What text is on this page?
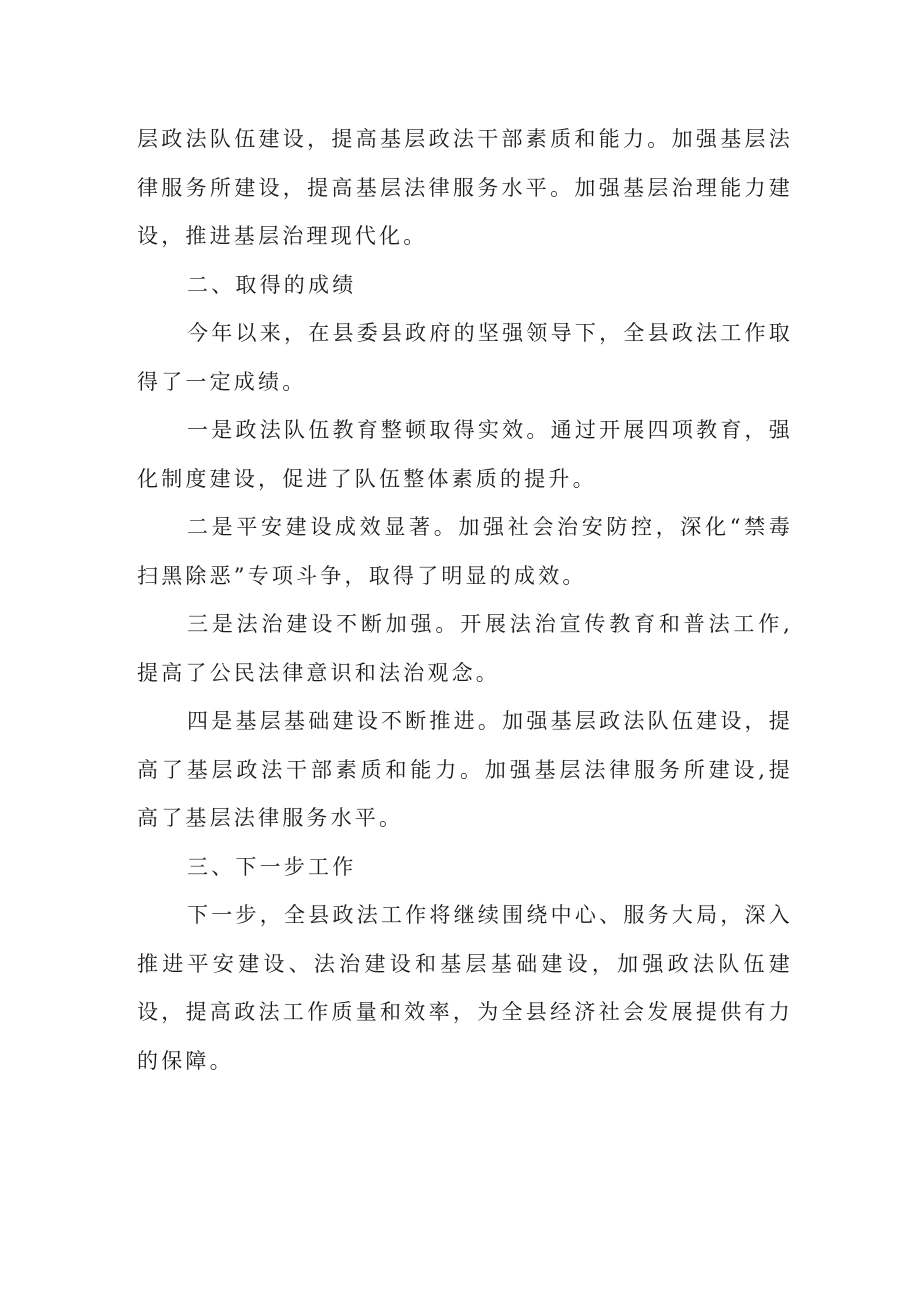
层政法队伍建设，提高基层政法干部素质和能力。加强基层法律服务所建设，提高基层法律服务水平。加强基层治理能力建设，推进基层治理现代化。

二、取得的成绩

今年以来，在县委县政府的坚强领导下，全县政法工作取得了一定成绩。

一是政法队伍教育整顿取得实效。通过开展四项教育，强化制度建设，促进了队伍整体素质的提升。

二是平安建设成效显著。加强社会治安防控，深化“禁毒扫黑除恶”专项斗争，取得了明显的成效。

三是法治建设不断加强。开展法治宣传教育和普法工作,提高了公民法律意识和法治观念。

四是基层基础建设不断推进。加强基层政法队伍建设，提高了基层政法干部素质和能力。加强基层法律服务所建设,提高了基层法律服务水平。

三、下一步工作

下一步，全县政法工作将继续围绕中心、服务大局，深入推进平安建设、法治建设和基层基础建设，加强政法队伍建设，提高政法工作质量和效率，为全县经济社会发展提供有力的保障。
